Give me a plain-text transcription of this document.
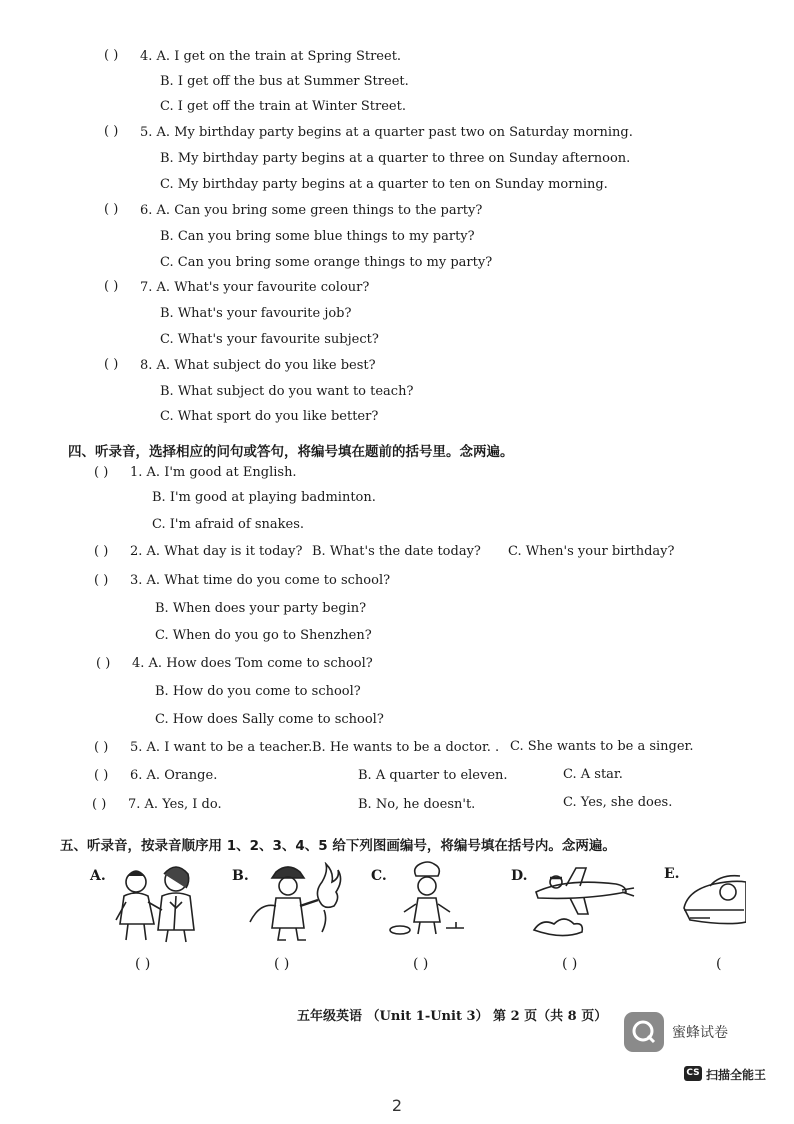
( ) 4. A. I get on the train at Spring Street.
B. I get off the bus at Summer Street.
C. I get off the train at Winter Street.
( ) 5. A. My birthday party begins at a quarter past two on Saturday morning.
B. My birthday party begins at a quarter to three on Sunday afternoon.
C. My birthday party begins at a quarter to ten on Sunday morning.
( ) 6. A. Can you bring some green things to the party?
B. Can you bring some blue things to my party?
C. Can you bring some orange things to my party?
( ) 7. A. What's your favourite colour?
B. What's your favourite job?
C. What's your favourite subject?
( ) 8. A. What subject do you like best?
B. What subject do you want to teach?
C. What sport do you like better?
四、听录音，选择相应的问句或答句，将编号填在题前的括号里。念两遍。
( ) 1. A. I'm good at English.
B. I'm good at playing badminton.
C. I'm afraid of snakes.
( ) 2. A. What day is it today? B. What's the date today? C. When's your birthday?
( ) 3. A. What time do you come to school?
B. When does your party begin?
C. When do you go to Shenzhen?
( ) 4. A. How does Tom come to school?
B. How do you come to school?
C. How does Sally come to school?
( ) 5. A. I want to be a teacher. B. He wants to be a doctor. . C. She wants to be a singer.
( ) 6. A. Orange.	B. A quarter to eleven.	C. A star.
( ) 7. A. Yes, I do.	B. No, he doesn't.	C. Yes, she does.
五、听录音，按录音顺序用 1、2、3、4、5 给下列图画编号，将编号填在括号内。念两遍。
A.	B.	C.	D.	E.
( )	( )	( )	( )	(
五年级英语 （Unit 1-Unit 3） 第 2 页（共 8 页）
蜜蜂试卷
CS 扫描全能王
2
